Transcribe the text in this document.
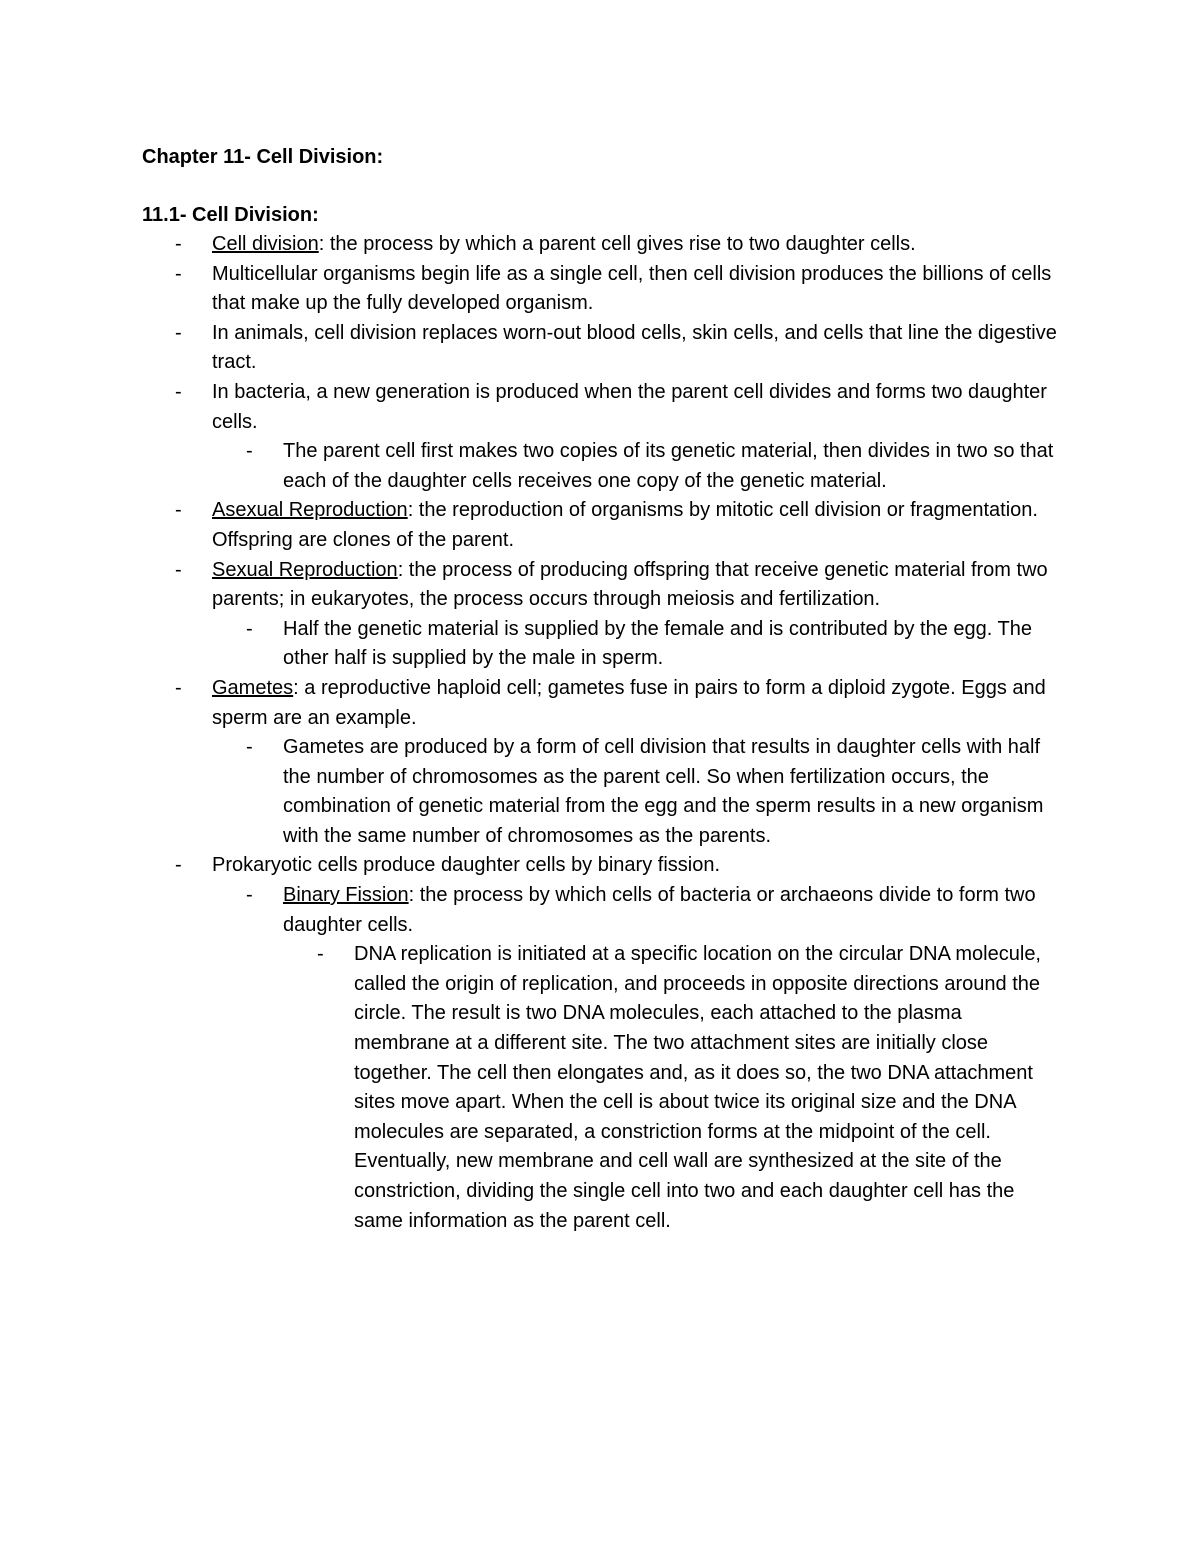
Chapter 11- Cell Division:
11.1- Cell Division:
- Cell division: the process by which a parent cell gives rise to two daughter cells.
- Multicellular organisms begin life as a single cell, then cell division produces the billions of cells that make up the fully developed organism.
- In animals, cell division replaces worn-out blood cells, skin cells, and cells that line the digestive tract.
- In bacteria, a new generation is produced when the parent cell divides and forms two daughter cells.
- The parent cell first makes two copies of its genetic material, then divides in two so that each of the daughter cells receives one copy of the genetic material.
- Asexual Reproduction: the reproduction of organisms by mitotic cell division or fragmentation. Offspring are clones of the parent.
- Sexual Reproduction: the process of producing offspring that receive genetic material from two parents; in eukaryotes, the process occurs through meiosis and fertilization.
- Half the genetic material is supplied by the female and is contributed by the egg. The other half is supplied by the male in sperm.
- Gametes: a reproductive haploid cell; gametes fuse in pairs to form a diploid zygote. Eggs and sperm are an example.
- Gametes are produced by a form of cell division that results in daughter cells with half the number of chromosomes as the parent cell. So when fertilization occurs, the combination of genetic material from the egg and the sperm results in a new organism with the same number of chromosomes as the parents.
- Prokaryotic cells produce daughter cells by binary fission.
- Binary Fission: the process by which cells of bacteria or archaeons divide to form two daughter cells.
- DNA replication is initiated at a specific location on the circular DNA molecule, called the origin of replication, and proceeds in opposite directions around the circle. The result is two DNA molecules, each attached to the plasma membrane at a different site. The two attachment sites are initially close together. The cell then elongates and, as it does so, the two DNA attachment sites move apart. When the cell is about twice its original size and the DNA molecules are separated, a constriction forms at the midpoint of the cell. Eventually, new membrane and cell wall are synthesized at the site of the constriction, dividing the single cell into two and each daughter cell has the same information as the parent cell.
